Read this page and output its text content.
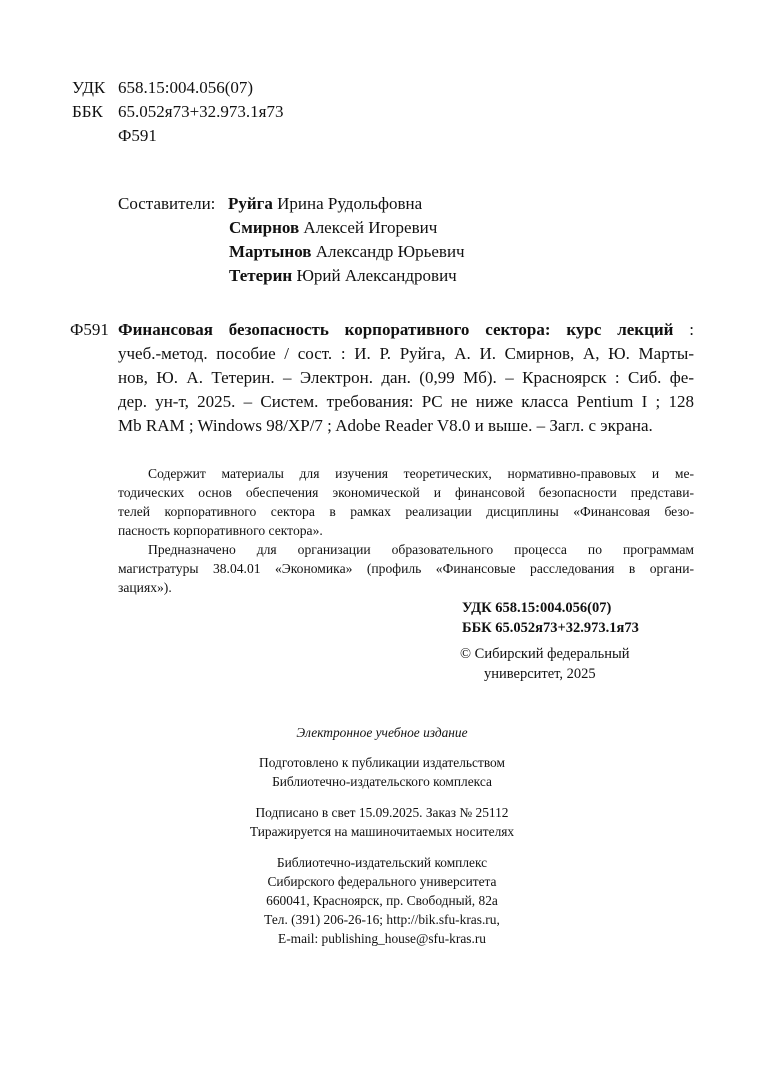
УДК 658.15:004.056(07)
ББК 65.052я73+32.973.1я73
Ф591
Составители: Руйга Ирина Рудольфовна
Смирнов Алексей Игоревич
Мартынов Александр Юрьевич
Тетерин Юрий Александрович
Ф591 Финансовая безопасность корпоративного сектора: курс лекций :
учеб.-метод. пособие / сост. : И. Р. Руйга, А. И. Смирнов, А, Ю. Марты-
нов, Ю. А. Тетерин. – Электрон. дан. (0,99 Мб). – Красноярск : Сиб. фе-
дер. ун-т, 2025. – Систем. требования: PC не ниже класса Pentium I ; 128
Mb RAM ; Windows 98/XP/7 ; Adobe Reader V8.0 и выше. – Загл. с экрана.
Содержит материалы для изучения теоретических, нормативно-правовых и ме-
тодических основ обеспечения экономической и финансовой безопасности представи-
телей корпоративного сектора в рамках реализации дисциплины «Финансовая безо-
пасность корпоративного сектора».
Предназначено для организации образовательного процесса по программам
магистратуры 38.04.01 «Экономика» (профиль «Финансовые расследования в органи-
зациях»).
УДК 658.15:004.056(07)
ББК 65.052я73+32.973.1я73
© Сибирский федеральный
университет, 2025
Электронное учебное издание
Подготовлено к публикации издательством
Библиотечно-издательского комплекса
Подписано в свет 15.09.2025. Заказ № 25112
Тиражируется на машиночитаемых носителях
Библиотечно-издательский комплекс
Сибирского федерального университета
660041, Красноярск, пр. Свободный, 82а
Тел. (391) 206-26-16; http://bik.sfu-kras.ru,
E-mail: publishing_house@sfu-kras.ru
